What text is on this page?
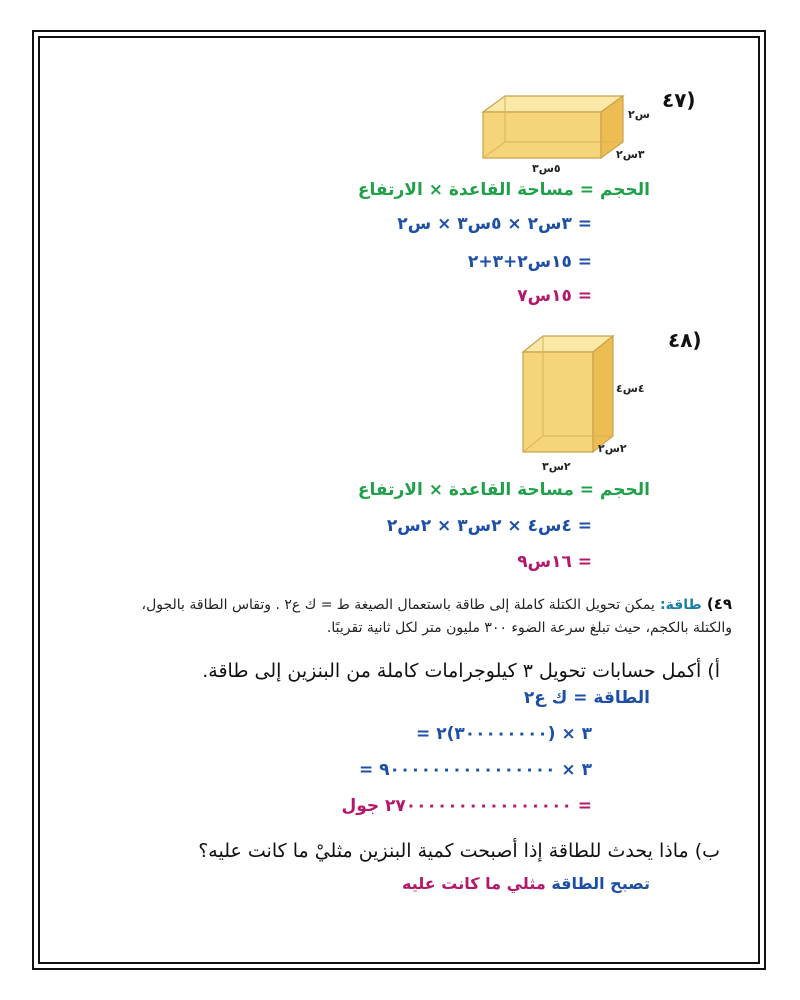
٤٧)
س٢
٣س٢
٥س٣
الحجم = مساحة القاعدة × الارتفاع
= ٣س٢ × ٥س٣ × س٢
= ١٥س٢+٣+٢
= ١٥س٧
٤٨)
٤س٤
٢س٢
٢س٣
الحجم = مساحة القاعدة × الارتفاع
= ٤س٤ × ٢س٣ × ٢س٢
= ١٦س٩
٤٩) طاقة: يمكن تحويل الكتلة كاملة إلى طاقة باستعمال الصيغة ط = ك ع٢ . وتقاس الطاقة بالجول،
والكتلة بالكجم، حيث تبلغ سرعة الضوء ٣٠٠ مليون متر لكل ثانية تقريبًا.
أ) أكمل حسابات تحويل ٣ كيلوجرامات كاملة من البنزين إلى طاقة.
الطاقة = ك ع٢
= ٣ × (٣٠٠٠٠٠٠٠٠)٢
= ٣ × ٩٠٠٠٠٠٠٠٠٠٠٠٠٠٠٠٠
= ٢٧٠٠٠٠٠٠٠٠٠٠٠٠٠٠٠٠ جول
ب) ماذا يحدث للطاقة إذا أصبحت كمية البنزين مثليْ ما كانت عليه؟
تصبح الطاقة مثلي ما كانت عليه
